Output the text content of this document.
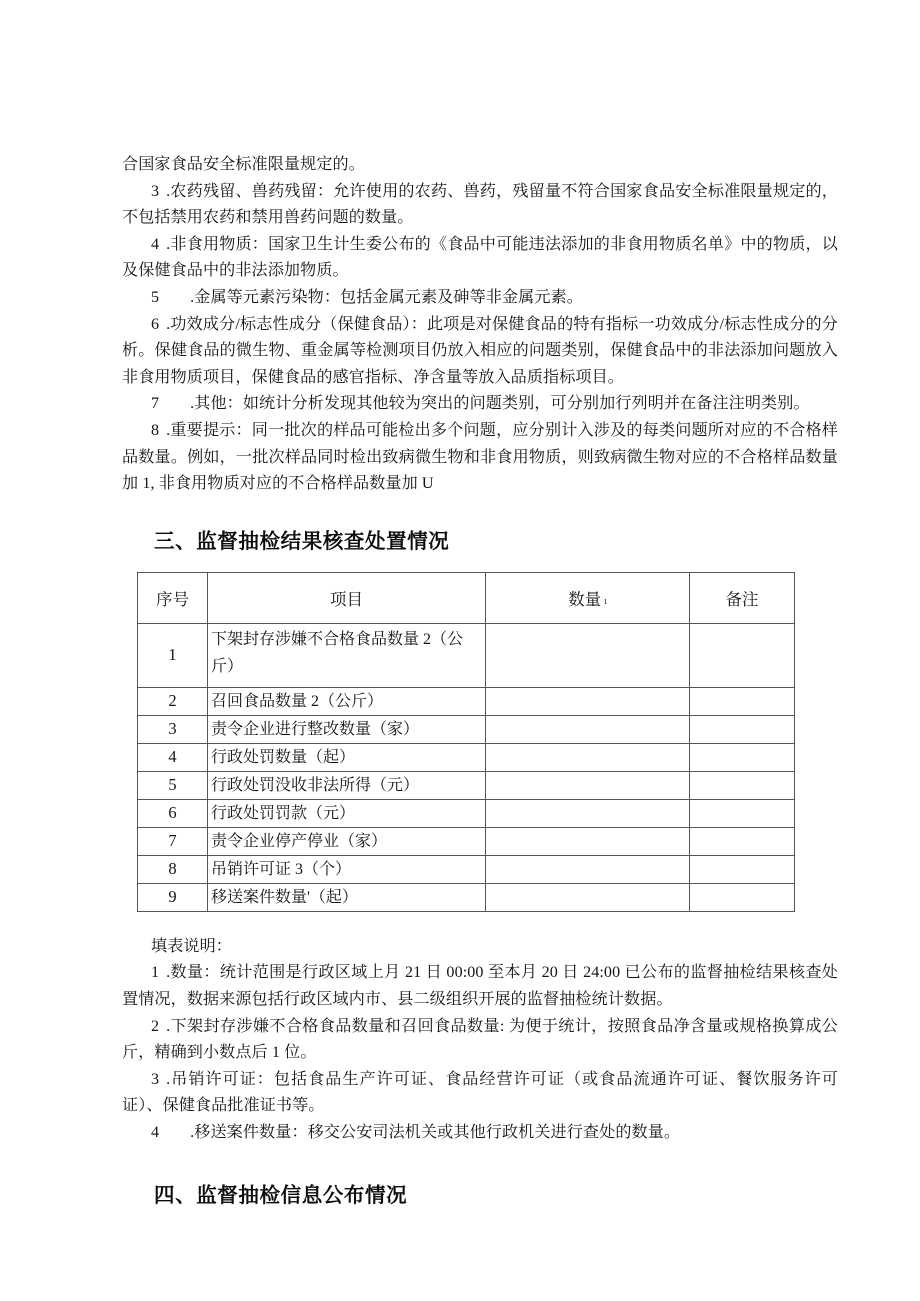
合国家食品安全标准限量规定的。

3 .农药残留、兽药残留：允许使用的农药、兽药，残留量不符合国家食品安全标准限量规定的，不包括禁用农药和禁用兽药问题的数量。

4 .非食用物质：国家卫生计生委公布的《食品中可能违法添加的非食用物质名单》中的物质，以及保健食品中的非法添加物质。

5 .金属等元素污染物：包括金属元素及砷等非金属元素。

6 .功效成分/标志性成分（保健食品）：此项是对保健食品的特有指标一功效成分/标志性成分的分析。保健食品的微生物、重金属等检测项目仍放入相应的问题类别，保健食品中的非法添加问题放入非食用物质项目，保健食品的感官指标、净含量等放入品质指标项目。

7 .其他：如统计分析发现其他较为突出的问题类别，可分别加行列明并在备注注明类别。

8 .重要提示：同一批次的样品可能检出多个问题，应分别计入涉及的每类问题所对应的不合格样品数量。例如，一批次样品同时检出致病微生物和非食用物质，则致病微生物对应的不合格样品数量加 1, 非食用物质对应的不合格样品数量加 U

三、监督抽检结果核查处置情况
序号	项目	数量 ı	备注
1	下架封存涉嫌不合格食品数量 2（公斤）		
2	召回食品数量 2（公斤）		
3	责令企业进行整改数量（家）		
4	行政处罚数量（起）		
5	行政处罚没收非法所得（元）		
6	行政处罚罚款（元）		
7	责令企业停产停业（家）		
8	吊销许可证 3（个）		
9	移送案件数量'（起）		

填表说明：

1 .数量：统计范围是行政区域上月 21 日 00:00 至本月 20 日 24:00 已公布的监督抽检结果核查处置情况，数据来源包括行政区域内市、县二级组织开展的监督抽检统计数据。

2 .下架封存涉嫌不合格食品数量和召回食品数量: 为便于统计，按照食品净含量或规格换算成公斤，精确到小数点后 1 位。

3 .吊销许可证：包括食品生产许可证、食品经营许可证（或食品流通许可证、餐饮服务许可证）、保健食品批准证书等。

4 .移送案件数量：移交公安司法机关或其他行政机关进行查处的数量。

四、监督抽检信息公布情况
